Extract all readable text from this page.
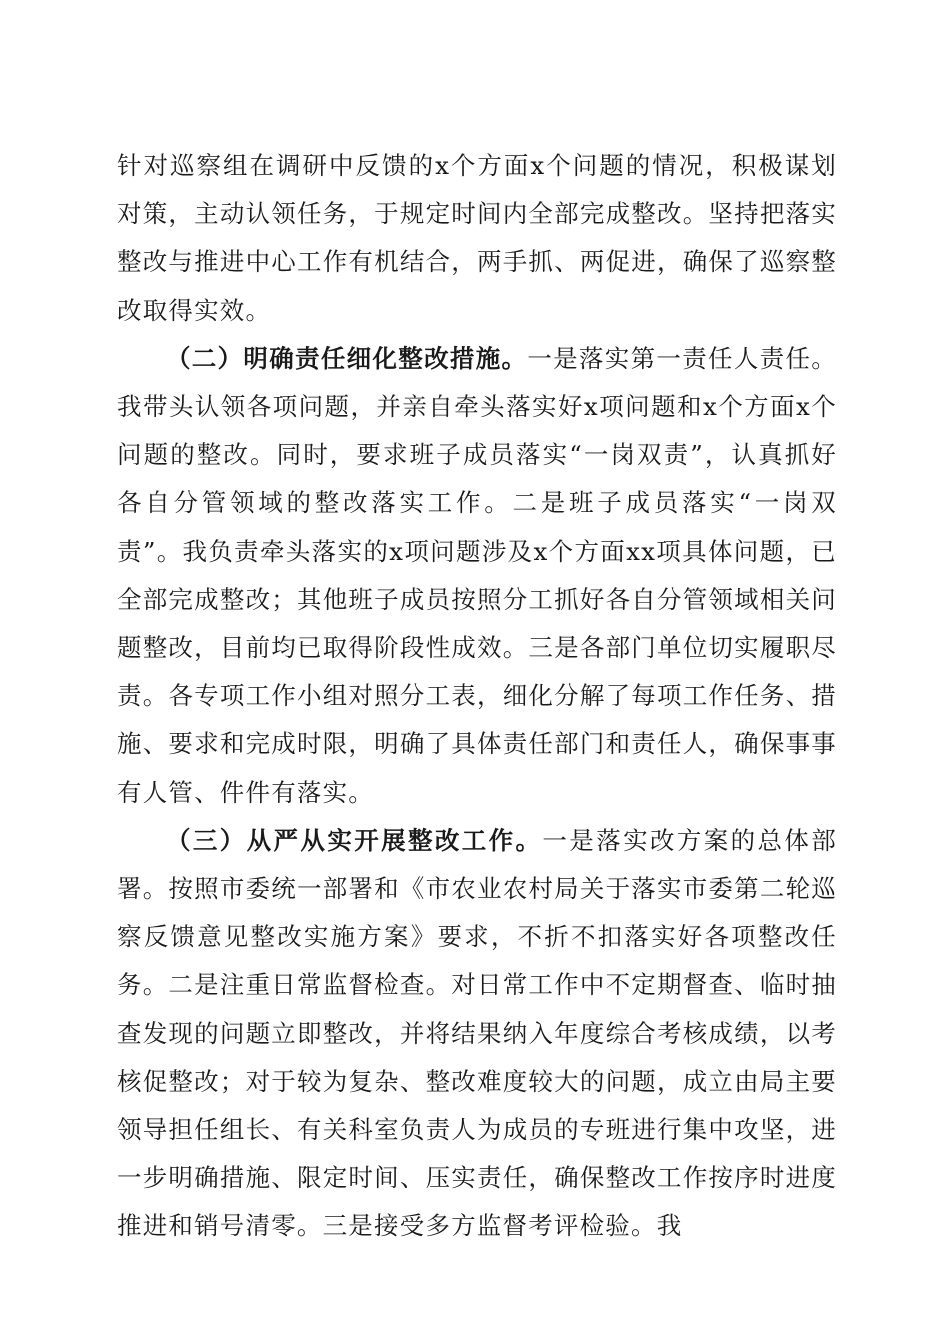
针对巡察组在调研中反馈的x个方面x个问题的情况，积极谋划对策，主动认领任务，于规定时间内全部完成整改。坚持把落实整改与推进中心工作有机结合，两手抓、两促进，确保了巡察整改取得实效。

（二）明确责任细化整改措施。一是落实第一责任人责任。我带头认领各项问题，并亲自牵头落实好x项问题和x个方面x个问题的整改。同时，要求班子成员落实“一岗双责”，认真抓好各自分管领域的整改落实工作。二是班子成员落实“一岗双责”。我负责牵头落实的x项问题涉及x个方面xx项具体问题，已全部完成整改；其他班子成员按照分工抓好各自分管领域相关问题整改，目前均已取得阶段性成效。三是各部门单位切实履职尽责。各专项工作小组对照分工表，细化分解了每项工作任务、措施、要求和完成时限，明确了具体责任部门和责任人，确保事事有人管、件件有落实。

（三）从严从实开展整改工作。一是落实改方案的总体部署。按照市委统一部署和《市农业农村局关于落实市委第二轮巡察反馈意见整改实施方案》要求，不折不扣落实好各项整改任务。二是注重日常监督检查。对日常工作中不定期督查、临时抽查发现的问题立即整改，并将结果纳入年度综合考核成绩，以考核促整改；对于较为复杂、整改难度较大的问题，成立由局主要领导担任组长、有关科室负责人为成员的专班进行集中攻坚，进一步明确措施、限定时间、压实责任，确保整改工作按序时进度推进和销号清零。三是接受多方监督考评检验。我
